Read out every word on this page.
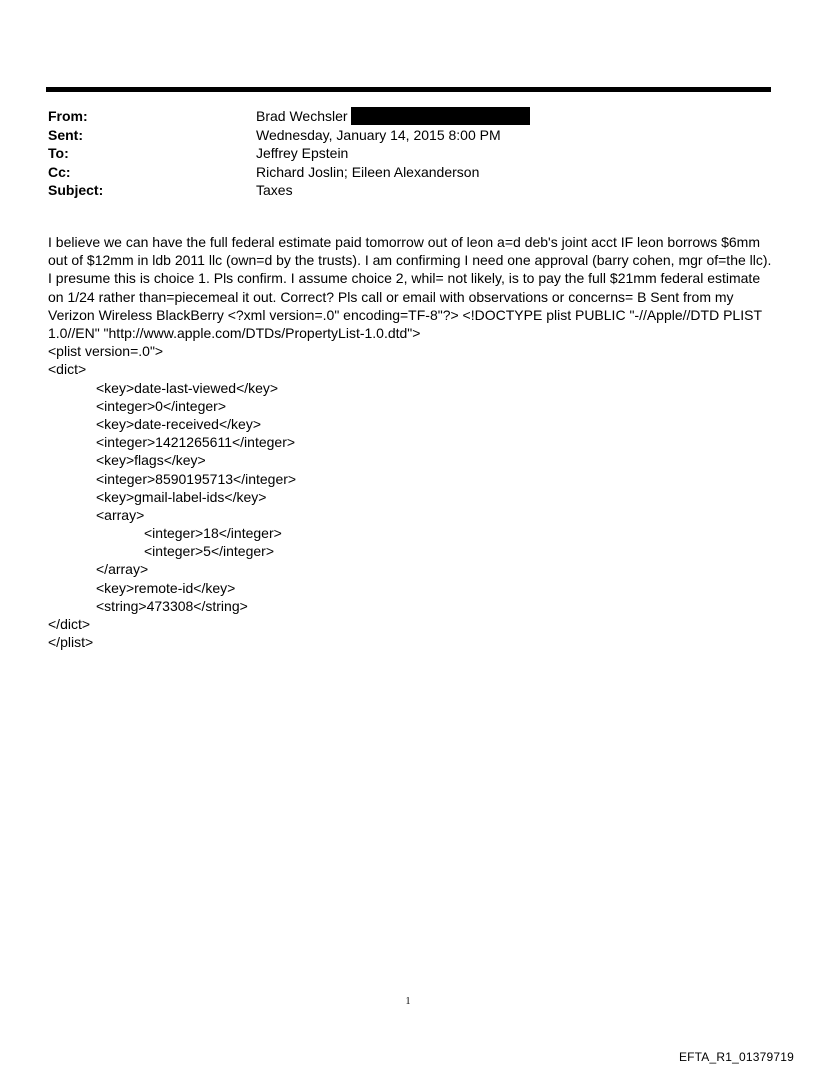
From:	Brad Wechsler
Sent:	Wednesday, January 14, 2015 8:00 PM
To:	Jeffrey Epstein
Cc:	Richard Joslin; Eileen Alexanderson
Subject:	Taxes

I believe we can have the full federal estimate paid tomorrow out of leon a=d deb's joint acct IF leon borrows $6mm out of $12mm in ldb 2011 llc (own=d by the trusts). I am confirming I need one approval (barry cohen, mgr of=the llc). I presume this is choice 1. Pls confirm. I assume choice 2, whil= not likely, is to pay the full $21mm federal estimate on 1/24 rather than=piecemeal it out. Correct? Pls call or email with observations or concerns= B Sent from my Verizon Wireless BlackBerry <?xml version=.0" encoding=TF-8"?> <!DOCTYPE plist PUBLIC "-//Apple//DTD PLIST 1.0//EN" "http://www.apple.com/DTDs/PropertyList-1.0.dtd">

<plist version=.0">
<dict>
<key>date-last-viewed</key>
<integer>0</integer>
<key>date-received</key>
<integer>1421265611</integer>
<key>flags</key>
<integer>8590195713</integer>
<key>gmail-label-ids</key>
<array>
<integer>18</integer>
<integer>5</integer>
</array>
<key>remote-id</key>
<string>473308</string>
</dict>
</plist>
1
EFTA_R1_01379719
